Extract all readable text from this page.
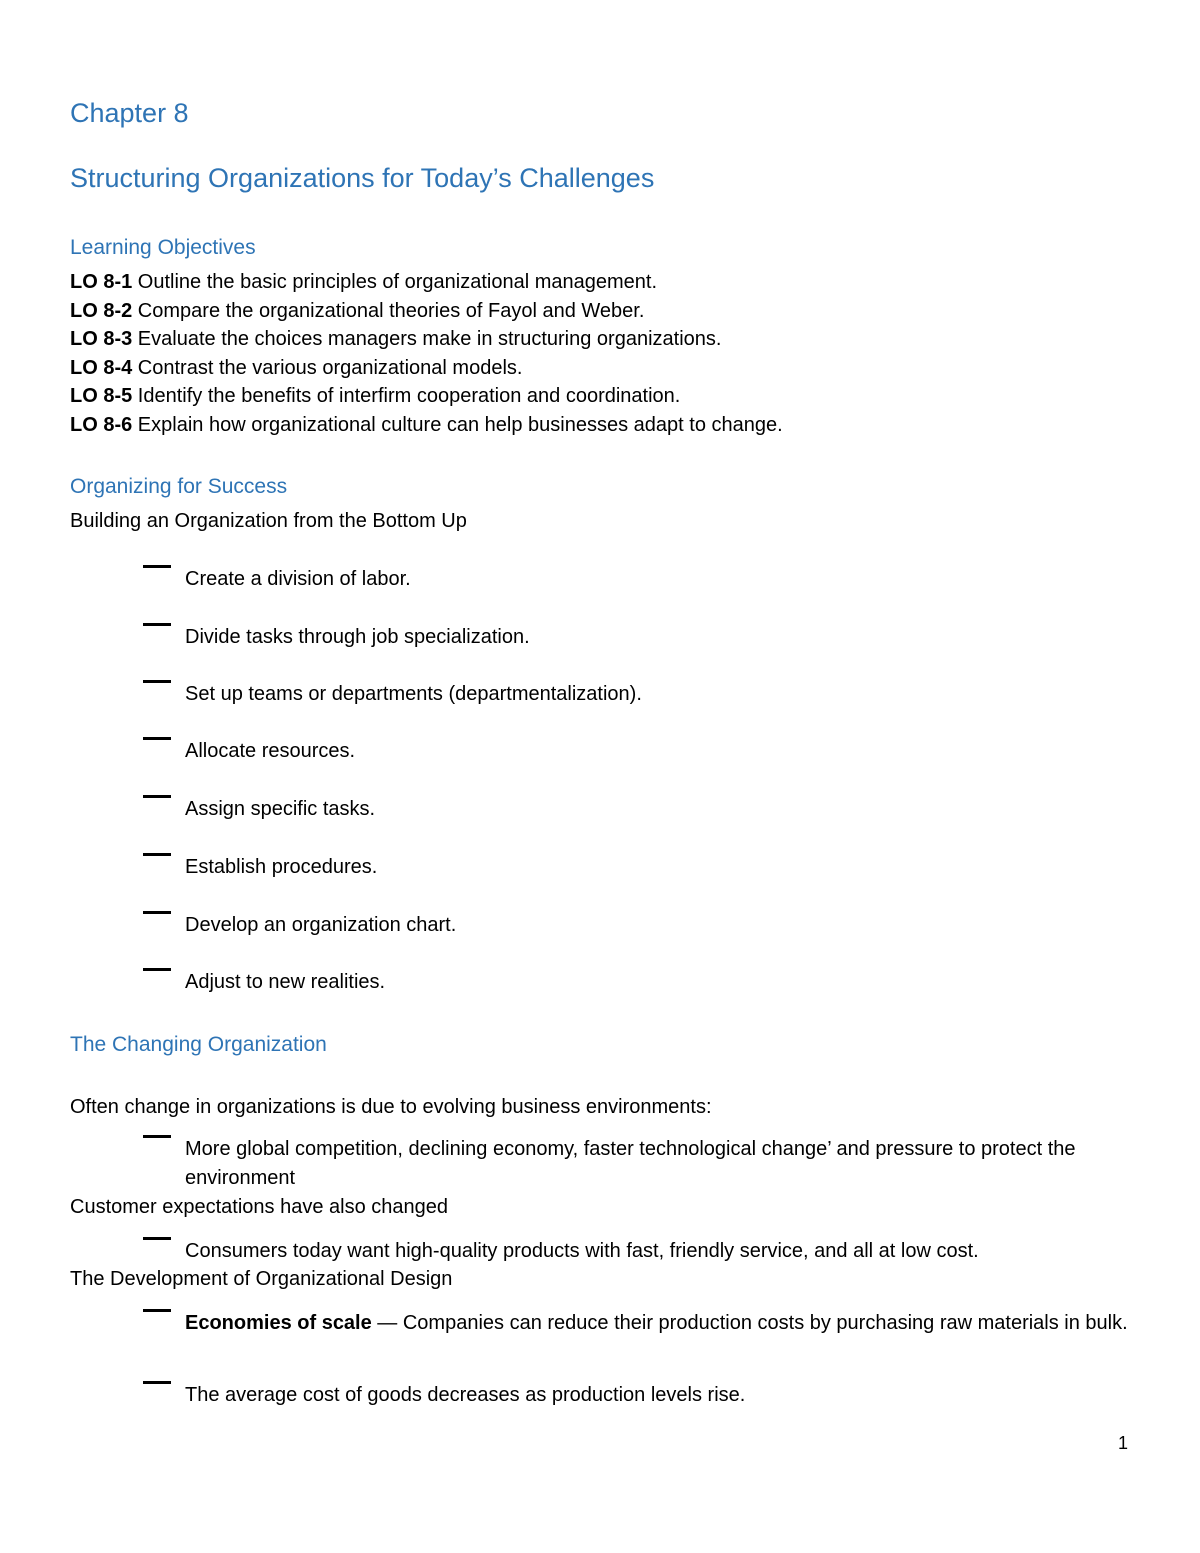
Chapter 8
Structuring Organizations for Today’s Challenges
Learning Objectives

LO 8-1 Outline the basic principles of organizational management.

LO 8-2 Compare the organizational theories of Fayol and Weber.

LO 8-3 Evaluate the choices managers make in structuring organizations.

LO 8-4 Contrast the various organizational models.

LO 8-5 Identify the benefits of interfirm cooperation and coordination.

LO 8-6 Explain how organizational culture can help businesses adapt to change.

Organizing for Success

Building an Organization from the Bottom Up

Create a division of labor.
Divide tasks through job specialization.
Set up teams or departments (departmentalization).
Allocate resources.
Assign specific tasks.
Establish procedures.
Develop an organization chart.
Adjust to new realities.
The Changing Organization

Often change in organizations is due to evolving business environments:

More global competition, declining economy, faster technological change’ and pressure to protect the environment

Customer expectations have also changed

Consumers today want high-quality products with fast, friendly service, and all at low cost.

The Development of Organizational Design

Economies of scale — Companies can reduce their production costs by purchasing raw materials in bulk.
The average cost of goods decreases as production levels rise.
1
